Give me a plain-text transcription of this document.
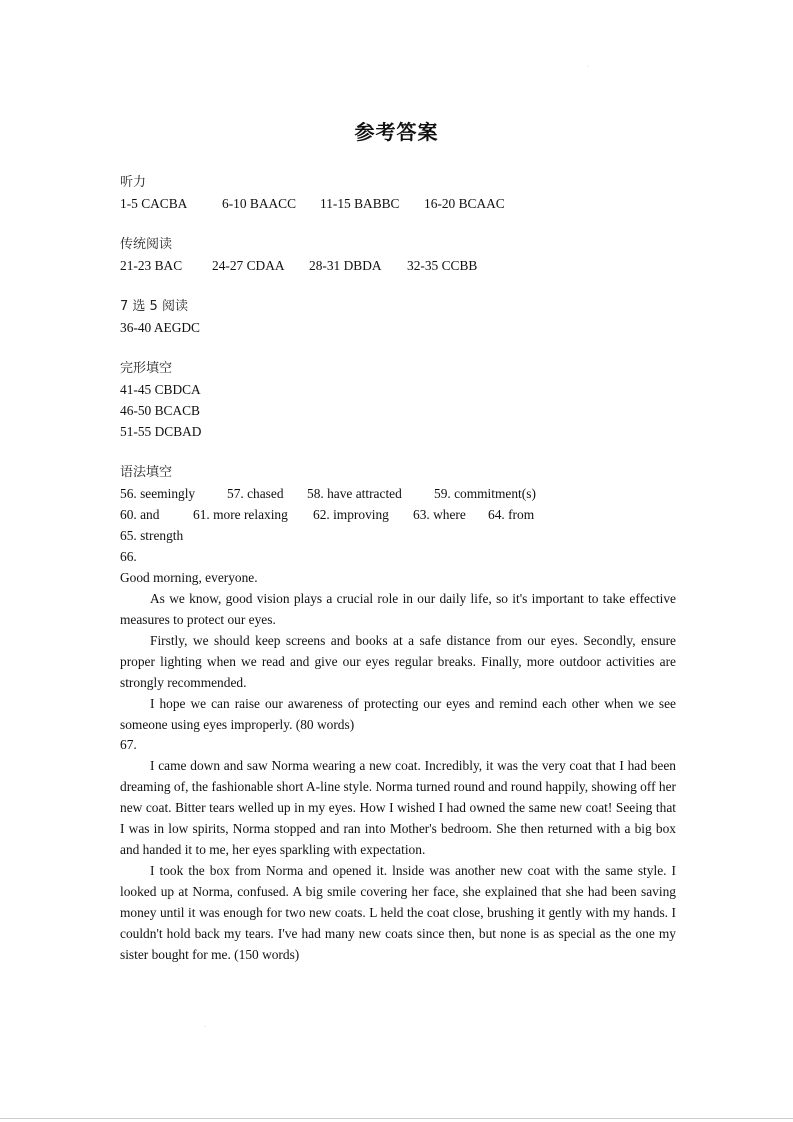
·
参考答案
听力
1-5 CACBA	6-10 BAACC 11-15 BABBC 16-20 BCAAC
传统阅读
21-23 BAC 24-27 CDAA 28-31 DBDA 32-35 CCBB
7 选 5 阅读
36-40 AEGDC
完形填空
41-45 CBDCA
46-50 BCACB
51-55 DCBAD
语法填空
56. seemingly 57. chased 58. have attracted 59. commitment(s)
60. and	61. more relaxing 62. improving 63. where 64. from
65. strength

66.

Good morning, everyone.

As we know, good vision plays a crucial role in our daily life, so it's important to take effective measures to protect our eyes.

Firstly, we should keep screens and books at a safe distance from our eyes. Secondly, ensure proper lighting when we read and give our eyes regular breaks. Finally, more outdoor activities are strongly recommended.

I hope we can raise our awareness of protecting our eyes and remind each other when we see someone using eyes improperly. (80 words)

67.

I came down and saw Norma wearing a new coat. Incredibly, it was the very coat that I had been dreaming of, the fashionable short A-line style. Norma turned round and round happily, showing off her new coat. Bitter tears welled up in my eyes. How I wished I had owned the same new coat! Seeing that I was in low spirits, Norma stopped and ran into Mother's bedroom. She then returned with a big box and handed it to me, her eyes sparkling with expectation.

I took the box from Norma and opened it. lnside was another new coat with the same style. I looked up at Norma, confused. A big smile covering her face, she explained that she had been saving money until it was enough for two new coats. L held the coat close, brushing it gently with my hands. I couldn't hold back my tears. I've had many new coats since then, but none is as special as the one my sister bought for me. (150 words)

·
